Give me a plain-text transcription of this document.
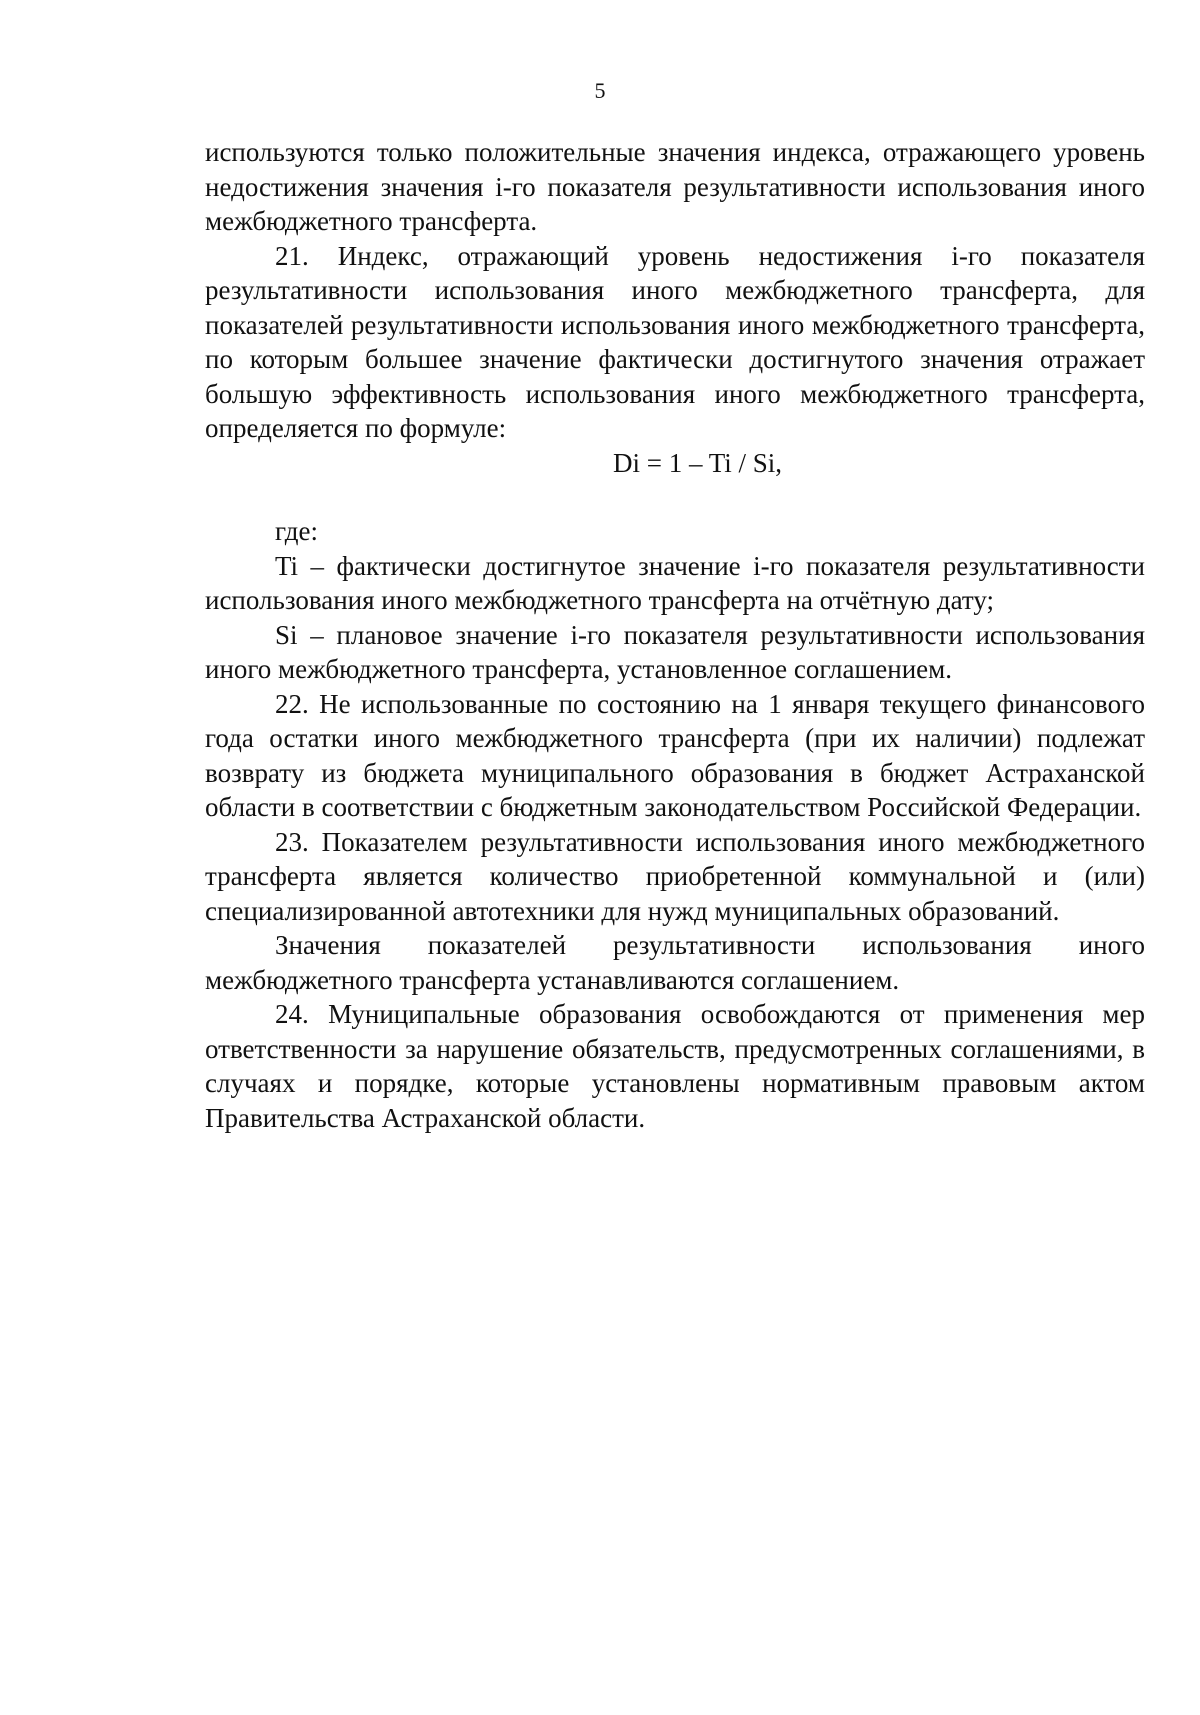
5

используются только положительные значения индекса, отражающего уровень недостижения значения i-го показателя результативности использования иного межбюджетного трансферта.

21. Индекс, отражающий уровень недостижения i-го показателя результативности использования иного межбюджетного трансферта, для показателей результативности использования иного межбюджетного трансферта, по которым большее значение фактически достигнутого значения отражает большую эффективность использования иного межбюджетного трансферта, определяется по формуле:

Di = 1 – Ti / Si,

где:

Ti – фактически достигнутое значение i-го показателя результативности использования иного межбюджетного трансферта на отчётную дату;

Si – плановое значение i-го показателя результативности использования иного межбюджетного трансферта, установленное соглашением.

22. Не использованные по состоянию на 1 января текущего финансового года остатки иного межбюджетного трансферта (при их наличии) подлежат возврату из бюджета муниципального образования в бюджет Астраханской области в соответствии с бюджетным законодательством Российской Федерации.

23. Показателем результативности использования иного межбюджетного трансферта является количество приобретенной коммунальной и (или) специализированной автотехники для нужд муниципальных образований.

Значения показателей результативности использования иного межбюджетного трансферта устанавливаются соглашением.

24. Муниципальные образования освобождаются от применения мер ответственности за нарушение обязательств, предусмотренных соглашениями, в случаях и порядке, которые установлены нормативным правовым актом Правительства Астраханской области.
